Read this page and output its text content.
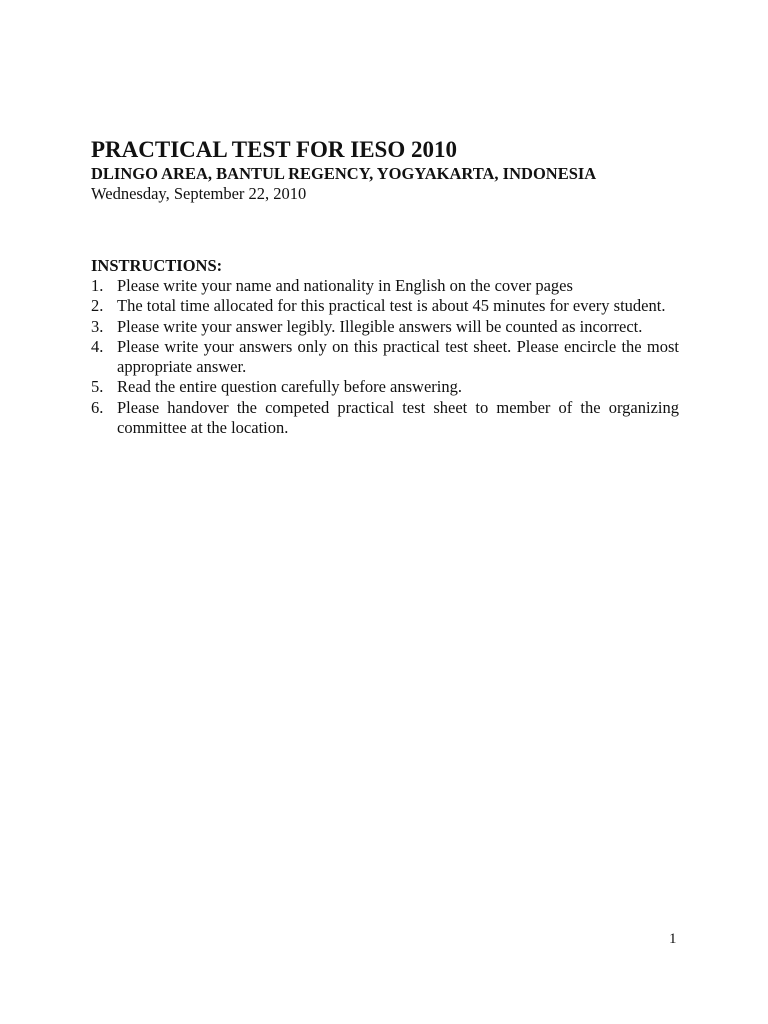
PRACTICAL TEST FOR IESO 2010
DLINGO AREA, BANTUL REGENCY, YOGYAKARTA, INDONESIA
Wednesday, September 22, 2010
INSTRUCTIONS:
1. Please write your name and nationality in English on the cover pages
2. The total time allocated for this practical test is about 45 minutes for every student.
3. Please write your answer legibly. Illegible answers will be counted as incorrect.
4. Please write your answers only on this practical test sheet. Please encircle the most appropriate answer.
5. Read the entire question carefully before answering.
6. Please handover the competed practical test sheet to member of the organizing committee at the location.
1
